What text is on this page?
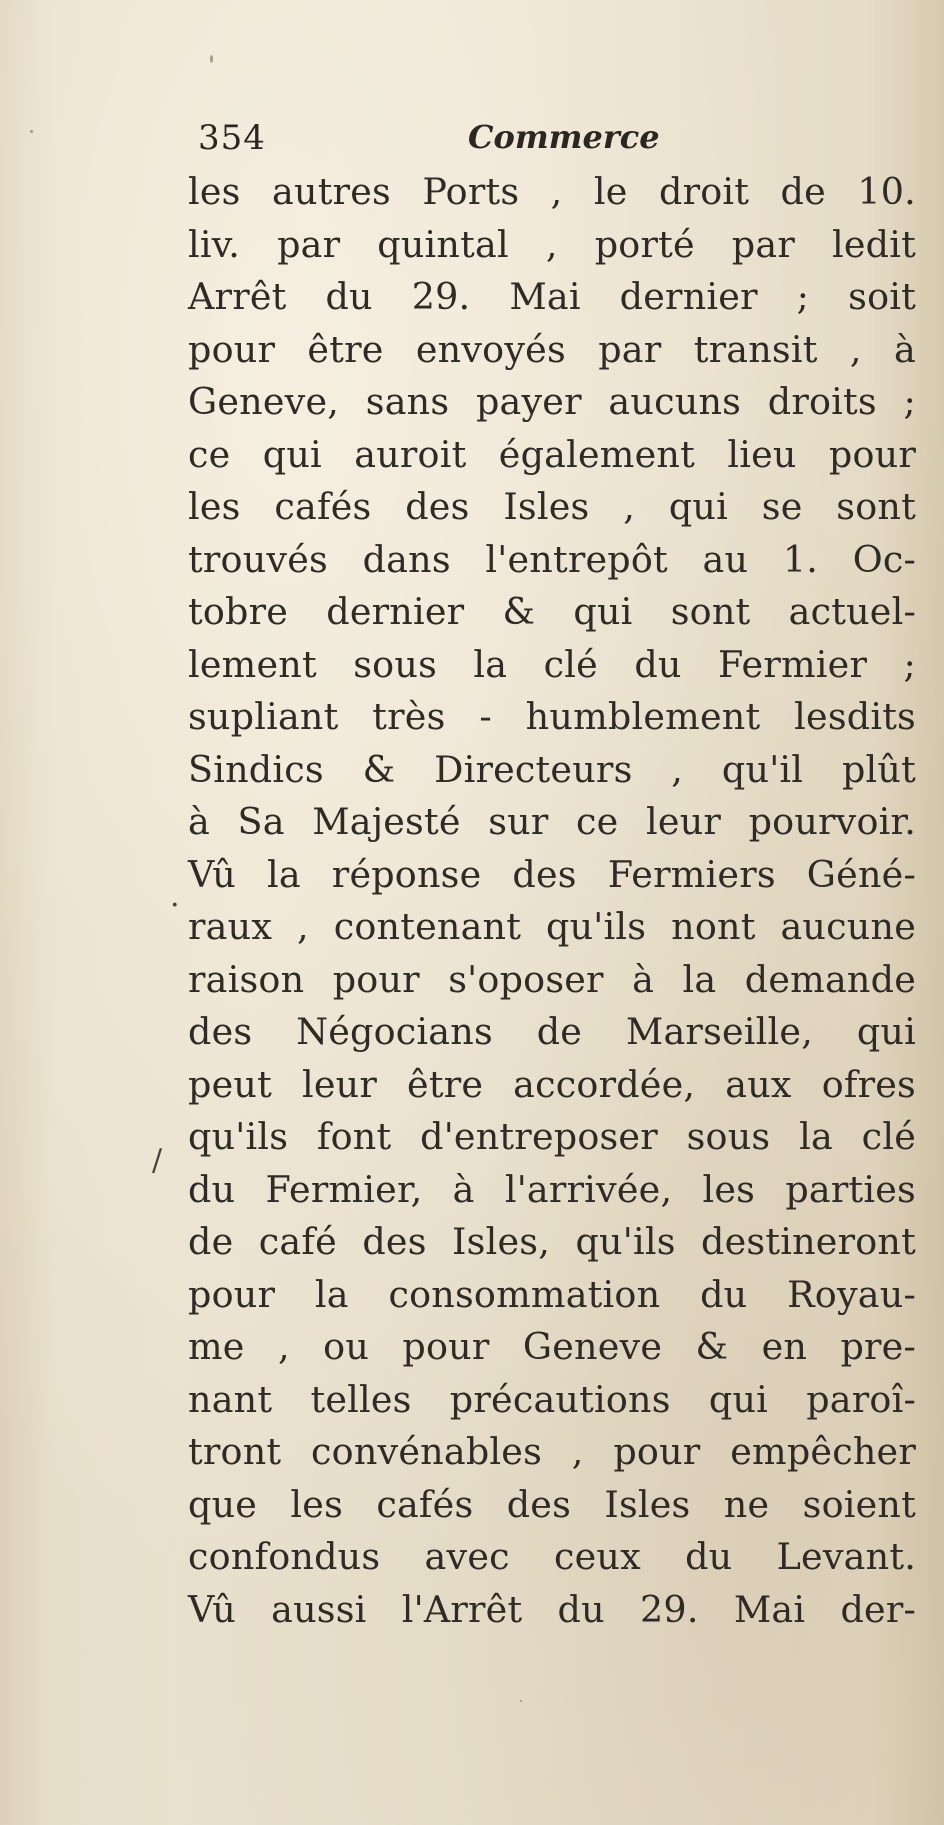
354	Commerce
les autres Ports , le droit de 10.
liv. par quintal , porté par ledit
Arrêt du 29. Mai dernier ; soit
pour être envoyés par transit , à
Geneve, sans payer aucuns droits ;
ce qui auroit également lieu pour
les cafés des Isles , qui se sont
trouvés dans l'entrepôt au 1. Oc-
tobre dernier & qui sont actuel-
lement sous la clé du Fermier ;
supliant très - humblement lesdits
Sindics & Directeurs , qu'il plût
à Sa Majesté sur ce leur pourvoir.
Vû la réponse des Fermiers Géné-
raux , contenant qu'ils nont aucune
raison pour s'oposer à la demande
des Négocians de Marseille, qui
peut leur être accordée, aux ofres
qu'ils font d'entreposer sous la clé
du Fermier, à l'arrivée, les parties
de café des Isles, qu'ils destineront
pour la consommation du Royau-
me , ou pour Geneve & en pre-
nant telles précautions qui paroî-
tront convénables , pour empêcher
que les cafés des Isles ne soient
confondus avec ceux du Levant.
Vû aussi l'Arrêt du 29. Mai der-
·
/
